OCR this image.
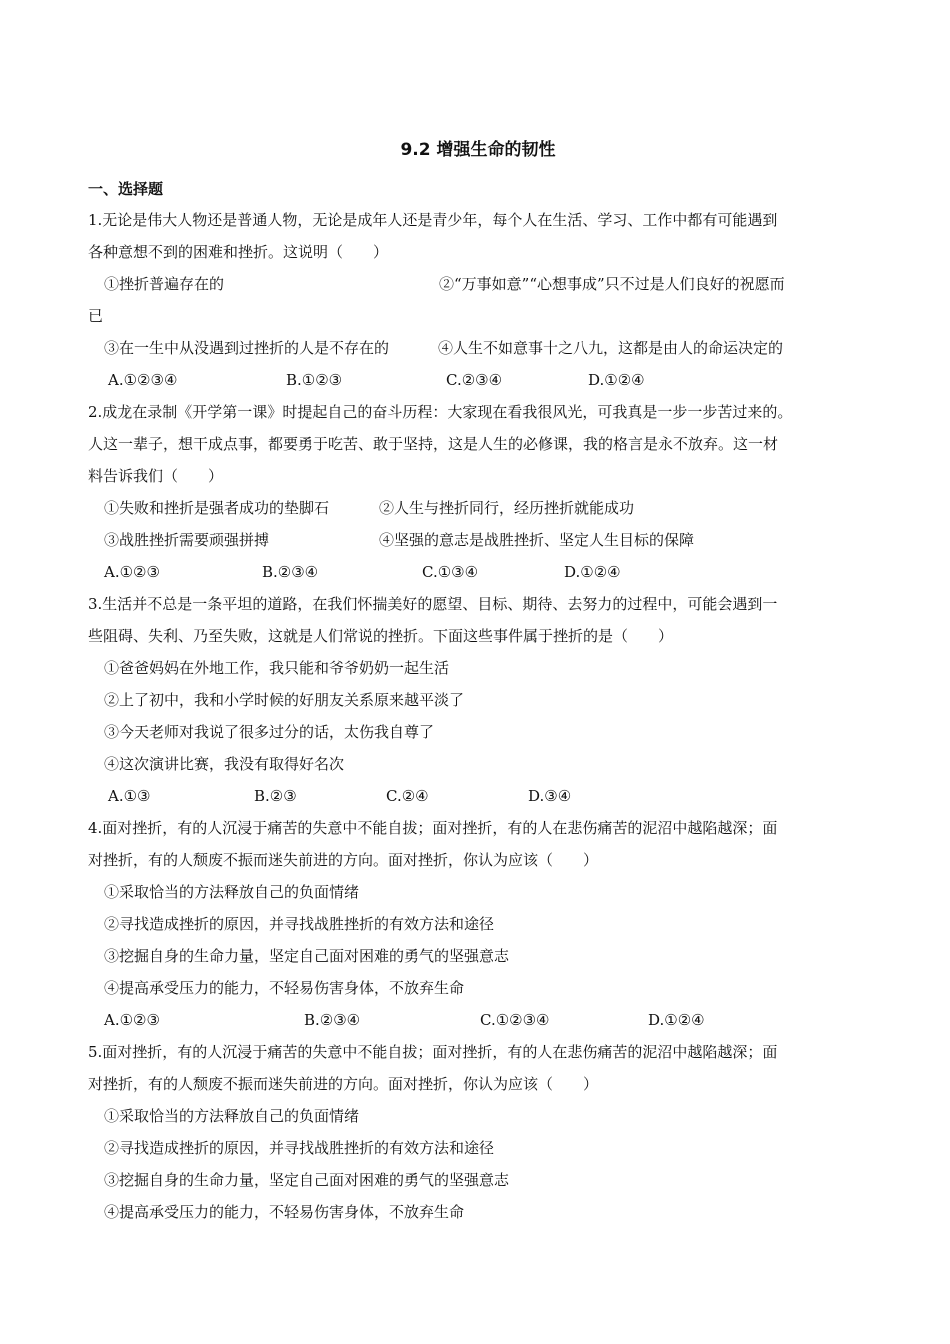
9.2 增强生命的韧性
一、选择题
1.无论是伟大人物还是普通人物，无论是成年人还是青少年，每个人在生活、学习、工作中都有可能遇到
各种意想不到的困难和挫折。这说明（　　）
①挫折普遍存在的	②“万事如意”“心想事成”只不过是人们良好的祝愿而
已
③在一生中从没遇到过挫折的人是不存在的	④人生不如意事十之八九，这都是由人的命运决定的
A.①②③④	B.①②③	C.②③④	D.①②④
2.成龙在录制《开学第一课》时提起自己的奋斗历程：大家现在看我很风光，可我真是一步一步苦过来的。
人这一辈子，想干成点事，都要勇于吃苦、敢于坚持，这是人生的必修课，我的格言是永不放弃。这一材
料告诉我们（　　）
①失败和挫折是强者成功的垫脚石	②人生与挫折同行，经历挫折就能成功
③战胜挫折需要顽强拼搏	④坚强的意志是战胜挫折、坚定人生目标的保障
A.①②③	B.②③④	C.①③④	D.①②④
3.生活并不总是一条平坦的道路，在我们怀揣美好的愿望、目标、期待、去努力的过程中，可能会遇到一
些阻碍、失利、乃至失败，这就是人们常说的挫折。下面这些事件属于挫折的是（　　）
①爸爸妈妈在外地工作，我只能和爷爷奶奶一起生活
②上了初中，我和小学时候的好朋友关系原来越平淡了
③今天老师对我说了很多过分的话，太伤我自尊了
④这次演讲比赛，我没有取得好名次
A.①③	B.②③	C.②④	D.③④
4.面对挫折，有的人沉浸于痛苦的失意中不能自拔；面对挫折，有的人在悲伤痛苦的泥沼中越陷越深；面
对挫折，有的人颓废不振而迷失前进的方向。面对挫折，你认为应该（　　）
①采取恰当的方法释放自己的负面情绪
②寻找造成挫折的原因，并寻找战胜挫折的有效方法和途径
③挖掘自身的生命力量，坚定自己面对困难的勇气的坚强意志
④提高承受压力的能力，不轻易伤害身体，不放弃生命
A.①②③	B.②③④	C.①②③④	D.①②④
5.面对挫折，有的人沉浸于痛苦的失意中不能自拔；面对挫折，有的人在悲伤痛苦的泥沼中越陷越深；面
对挫折，有的人颓废不振而迷失前进的方向。面对挫折，你认为应该（　　）
①采取恰当的方法释放自己的负面情绪
②寻找造成挫折的原因，并寻找战胜挫折的有效方法和途径
③挖掘自身的生命力量，坚定自己面对困难的勇气的坚强意志
④提高承受压力的能力，不轻易伤害身体，不放弃生命
